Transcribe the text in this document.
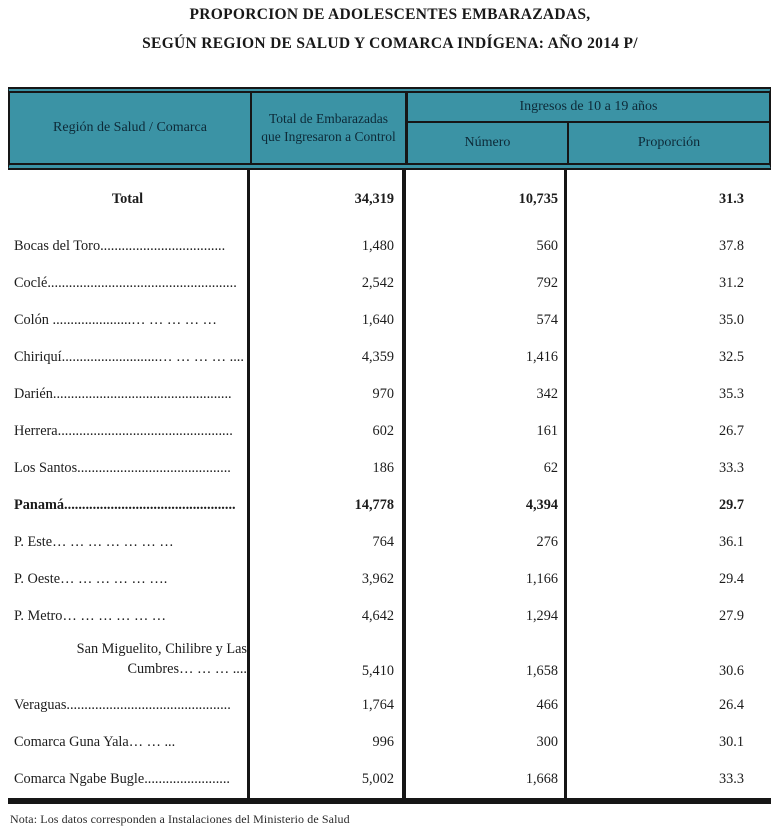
PROPORCION DE ADOLESCENTES EMBARAZADAS,
SEGÚN REGION DE SALUD Y COMARCA INDÍGENA: AÑO 2014 P/
Región de Salud / Comarca
Total de Embarazadas que Ingresaron a Control
Ingresos de 10 a 19 años
Número	Proporción
Total	34,319	10,735	31.3
Bocas del Toro...................................	1,480	560	37.8
Coclé.....................................................	2,542	792	31.2
Colón ......................… … … … …	1,640	574	35.0
Chiriquí...........................… … … … ....	4,359	1,416	32.5
Darién..................................................	970	342	35.3
Herrera.................................................	602	161	26.7
Los Santos...........................................	186	62	33.3
Panamá................................................	14,778	4,394	29.7
P. Este… … … … … … …	764	276	36.1
P. Oeste… … … … … ….	3,962	1,166	29.4
P. Metro… … … … … …	4,642	1,294	27.9
San Miguelito, Chilibre y Las
Cumbres… … … ....	5,410	1,658	30.6
Veraguas..............................................	1,764	466	26.4
Comarca Guna Yala… … ...	996	300	30.1
Comarca Ngabe Bugle........................	5,002	1,668	33.3
Nota: Los datos corresponden a Instalaciones del Ministerio de Salud
